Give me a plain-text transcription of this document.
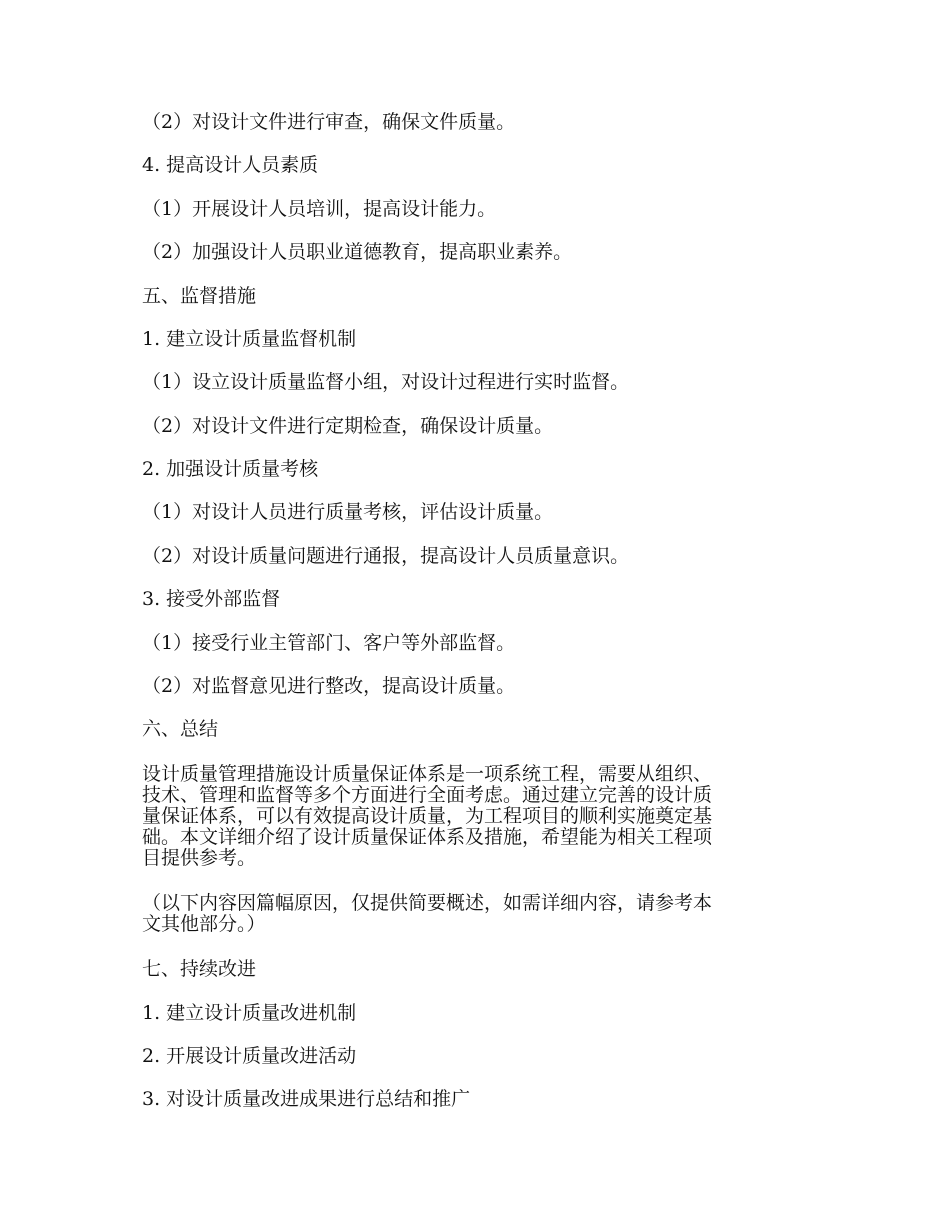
（2）对设计文件进行审查，确保文件质量。
4. 提高设计人员素质
（1）开展设计人员培训，提高设计能力。
（2）加强设计人员职业道德教育，提高职业素养。
五、监督措施
1. 建立设计质量监督机制
（1）设立设计质量监督小组，对设计过程进行实时监督。
（2）对设计文件进行定期检查，确保设计质量。
2. 加强设计质量考核
（1）对设计人员进行质量考核，评估设计质量。
（2）对设计质量问题进行通报，提高设计人员质量意识。
3. 接受外部监督
（1）接受行业主管部门、客户等外部监督。
（2）对监督意见进行整改，提高设计质量。
六、总结
设计质量管理措施设计质量保证体系是一项系统工程，需要从组织、
技术、管理和监督等多个方面进行全面考虑。通过建立完善的设计质
量保证体系，可以有效提高设计质量，为工程项目的顺利实施奠定基
础。本文详细介绍了设计质量保证体系及措施，希望能为相关工程项
目提供参考。
（以下内容因篇幅原因，仅提供简要概述，如需详细内容，请参考本
文其他部分。）
七、持续改进
1. 建立设计质量改进机制
2. 开展设计质量改进活动
3. 对设计质量改进成果进行总结和推广
